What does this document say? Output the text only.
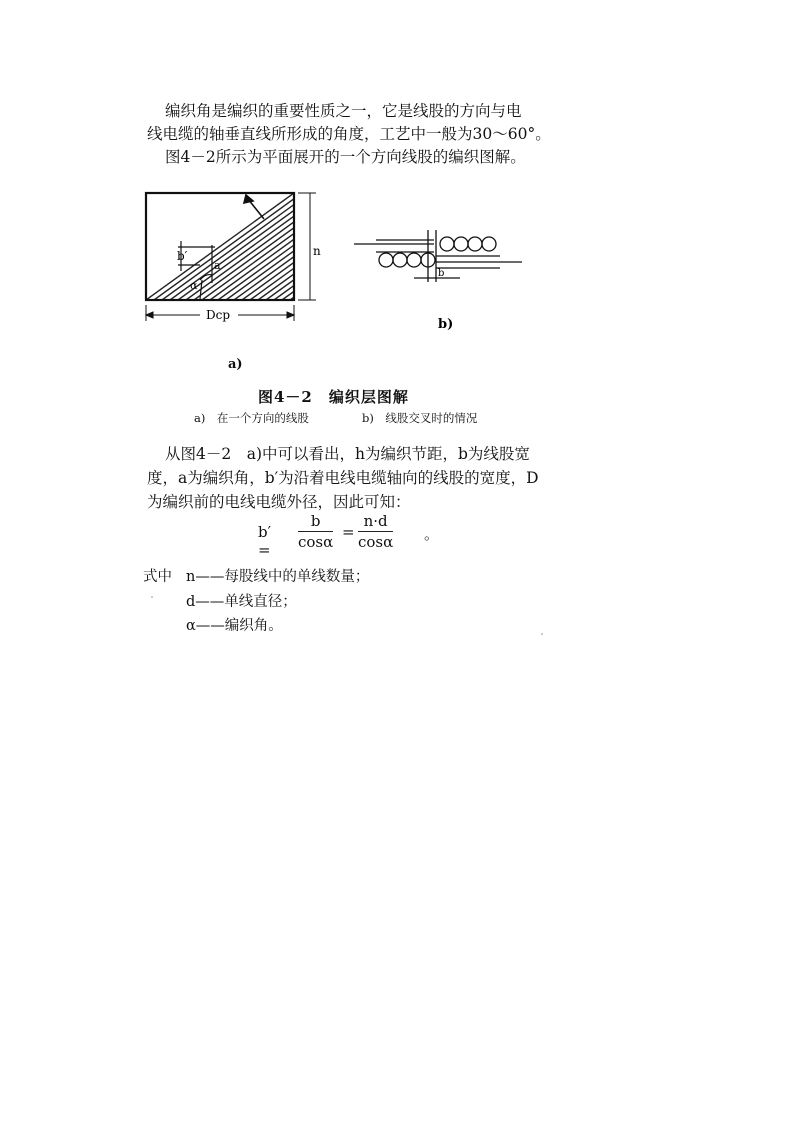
编织角是编织的重要性质之一，它是线股的方向与电

线电缆的轴垂直线所形成的角度，工艺中一般为30～60°。

图4－2所示为平面展开的一个方向线股的编织图解。

b′
a
α
n
Dcp
b
b)

a)

图4－2　编织层图解

a)　在一个方向的线股	b)　线股交叉时的情况

从图4－2　a)中可以看出，h为编织节距，b为线股宽

度，a为编织角，b′为沿着电线电缆轴向的线股的宽度，D

为编织前的电线电缆外径，因此可知：

$b' = \frac{b}{\cos\alpha} = \frac{n\cdot d}{\cos\alpha}$ 。

式中 n——每股线中的单线数量；

d——单线直径；

α——编织角。
